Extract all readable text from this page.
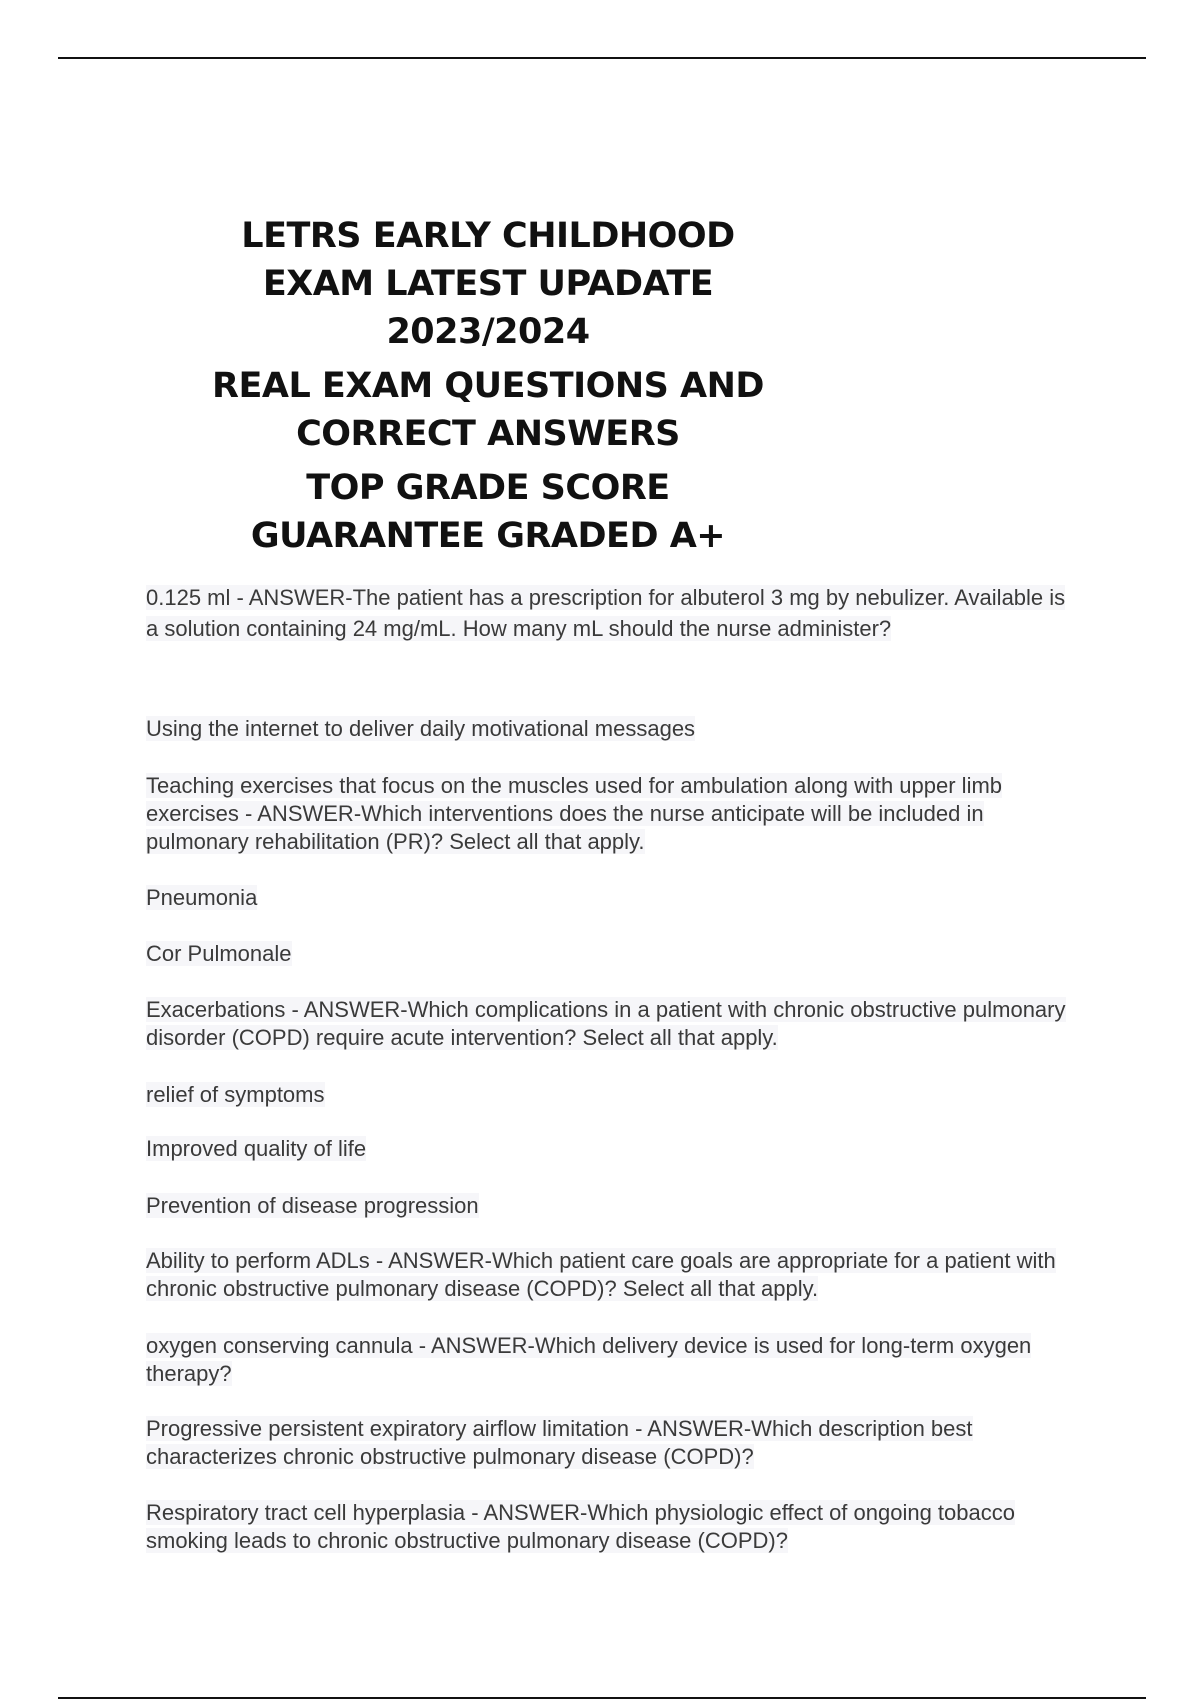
LETRS EARLY CHILDHOOD
EXAM LATEST UPADATE
2023/2024
REAL EXAM QUESTIONS AND
CORRECT ANSWERS
TOP GRADE SCORE
GUARANTEE GRADED A+
0.125 ml - ANSWER-The patient has a prescription for albuterol 3 mg by nebulizer. Available is a solution containing 24 mg/mL. How many mL should the nurse administer?
Using the internet to deliver daily motivational messages
Teaching exercises that focus on the muscles used for ambulation along with upper limb exercises - ANSWER-Which interventions does the nurse anticipate will be included in pulmonary rehabilitation (PR)? Select all that apply.
Pneumonia
Cor Pulmonale
Exacerbations - ANSWER-Which complications in a patient with chronic obstructive pulmonary disorder (COPD) require acute intervention? Select all that apply.
relief of symptoms
Improved quality of life
Prevention of disease progression
Ability to perform ADLs - ANSWER-Which patient care goals are appropriate for a patient with chronic obstructive pulmonary disease (COPD)? Select all that apply.
oxygen conserving cannula - ANSWER-Which delivery device is used for long-term oxygen therapy?
Progressive persistent expiratory airflow limitation - ANSWER-Which description best characterizes chronic obstructive pulmonary disease (COPD)?
Respiratory tract cell hyperplasia - ANSWER-Which physiologic effect of ongoing tobacco smoking leads to chronic obstructive pulmonary disease (COPD)?
